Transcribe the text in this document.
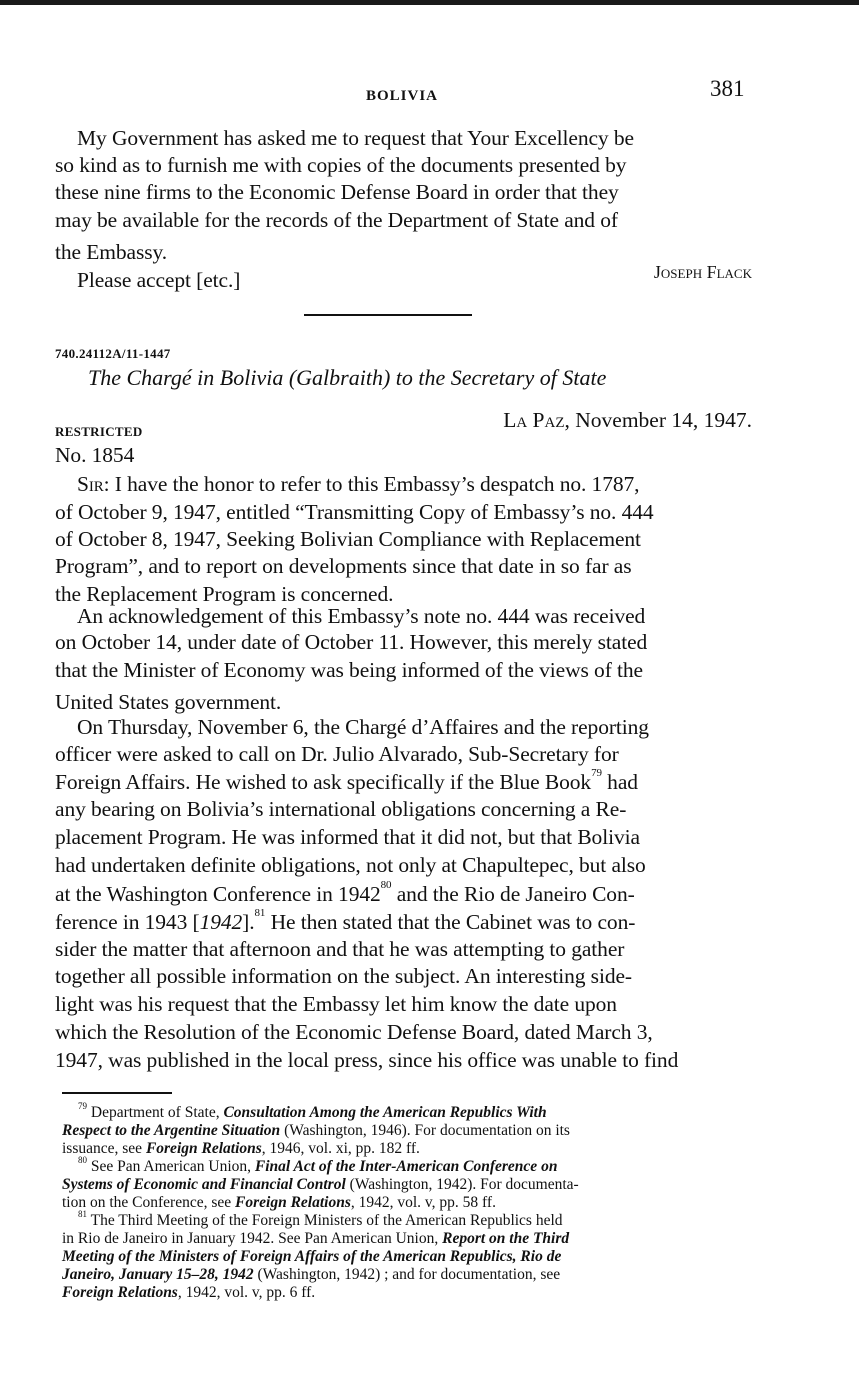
BOLIVIA	381
My Government has asked me to request that Your Excellency be
so kind as to furnish me with copies of the documents presented by
these nine firms to the Economic Defense Board in order that they
may be available for the records of the Department of State and of
the Embassy.
Please accept [etc.]	Joseph Flack
740.24112A/11-1447
The Chargé in Bolivia (Galbraith) to the Secretary of State
RESTRICTED	La Paz, November 14, 1947.
No. 1854
Sir: I have the honor to refer to this Embassy’s despatch no. 1787,
of October 9, 1947, entitled “Transmitting Copy of Embassy’s no. 444
of October 8, 1947, Seeking Bolivian Compliance with Replacement
Program”, and to report on developments since that date in so far as
the Replacement Program is concerned.
An acknowledgement of this Embassy’s note no. 444 was received
on October 14, under date of October 11. However, this merely stated
that the Minister of Economy was being informed of the views of the
United States government.
On Thursday, November 6, the Chargé d’Affaires and the reporting
officer were asked to call on Dr. Julio Alvarado, Sub-Secretary for
Foreign Affairs. He wished to ask specifically if the Blue Book$^{79}$ had
any bearing on Bolivia’s international obligations concerning a Re-
placement Program. He was informed that it did not, but that Bolivia
had undertaken definite obligations, not only at Chapultepec, but also
at the Washington Conference in 1942$^{80}$ and the Rio de Janeiro Con-
ference in 1943 [1942].$^{81}$ He then stated that the Cabinet was to con-
sider the matter that afternoon and that he was attempting to gather
together all possible information on the subject. An interesting side-
light was his request that the Embassy let him know the date upon
which the Resolution of the Economic Defense Board, dated March 3,
1947, was published in the local press, since his office was unable to find
$^{79}$ Department of State, Consultation Among the American Republics With
Respect to the Argentine Situation (Washington, 1946). For documentation on its
issuance, see Foreign Relations, 1946, vol. xi, pp. 182 ff.
$^{80}$ See Pan American Union, Final Act of the Inter-American Conference on
Systems of Economic and Financial Control (Washington, 1942). For documenta-
tion on the Conference, see Foreign Relations, 1942, vol. v, pp. 58 ff.
$^{81}$ The Third Meeting of the Foreign Ministers of the American Republics held
in Rio de Janeiro in January 1942. See Pan American Union, Report on the Third
Meeting of the Ministers of Foreign Affairs of the American Republics, Rio de
Janeiro, January 15–28, 1942 (Washington, 1942) ; and for documentation, see
Foreign Relations, 1942, vol. v, pp. 6 ff.
